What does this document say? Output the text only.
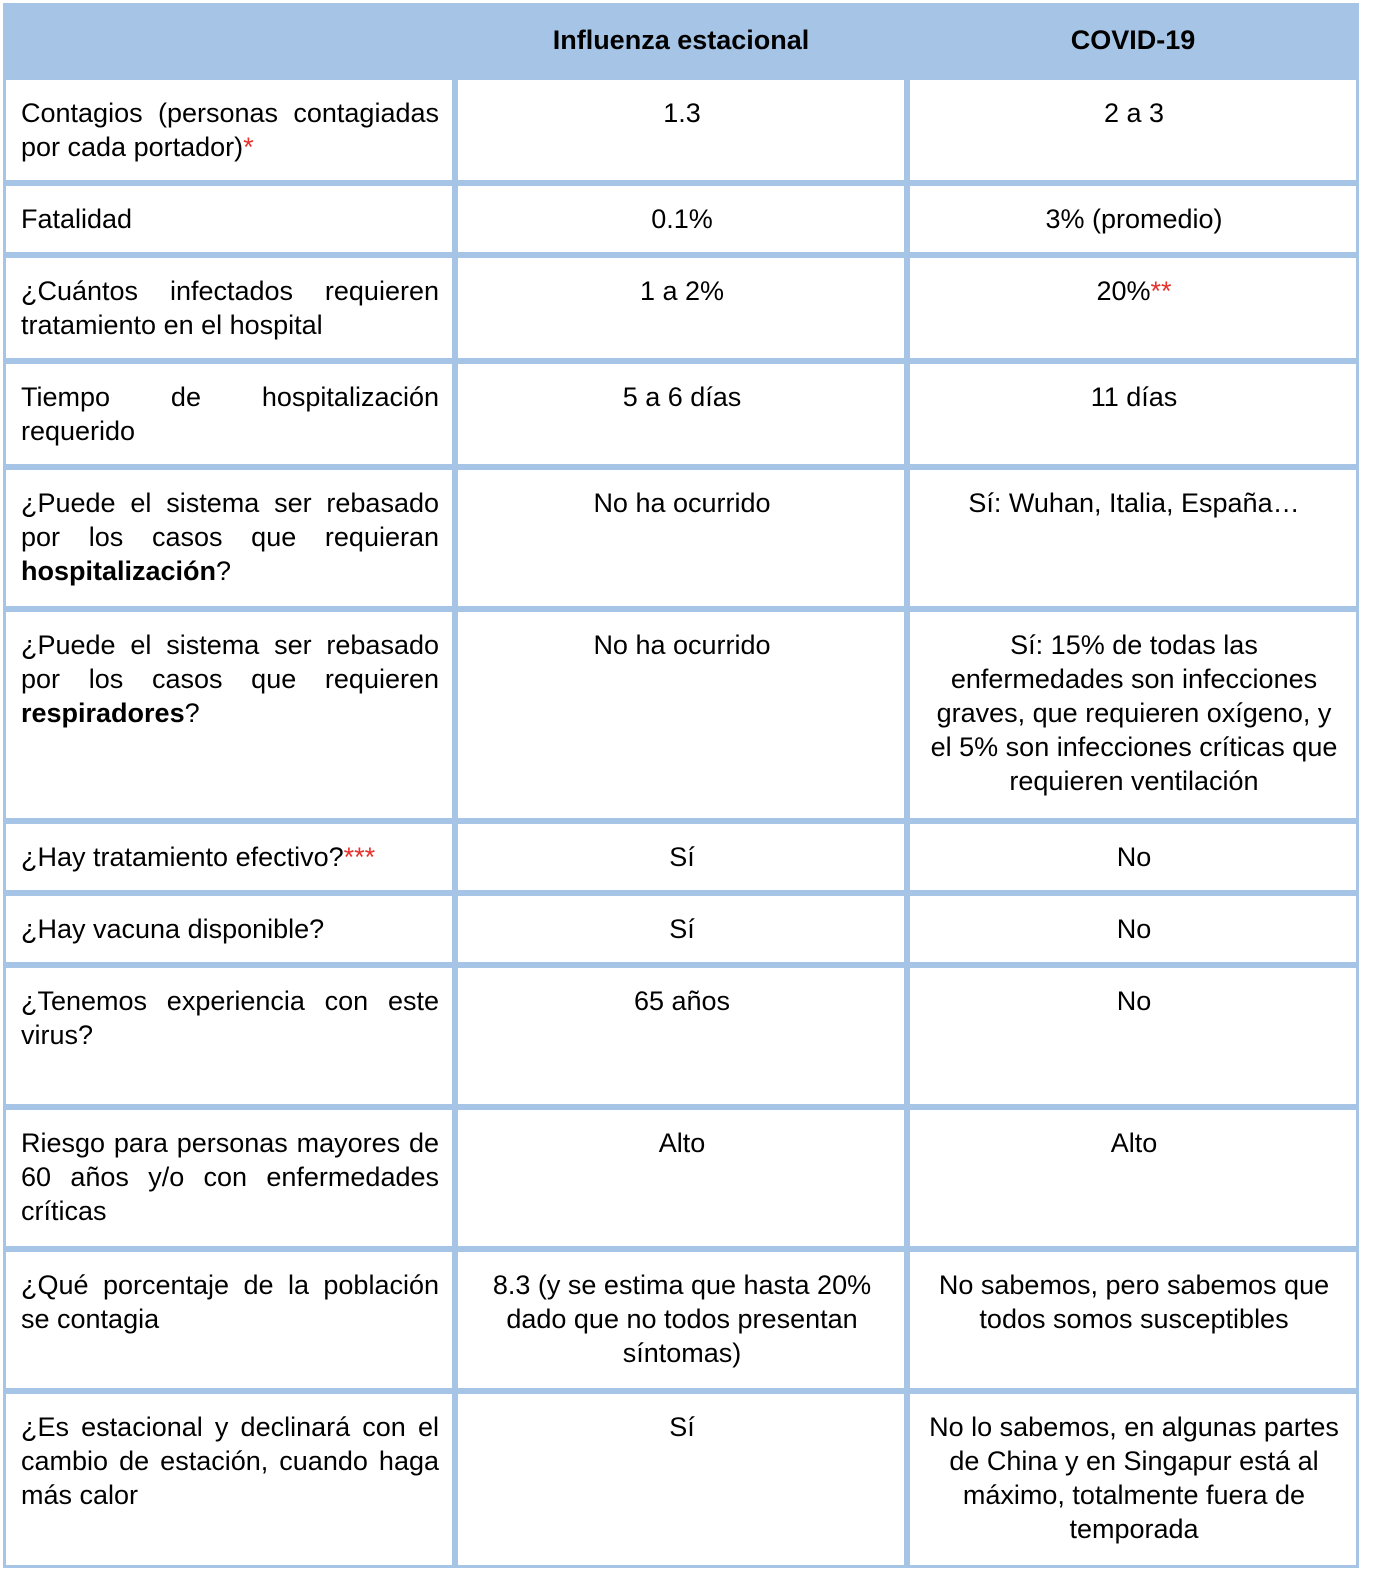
	Influenza estacional	COVID-19
Contagios (personas contagiadas por cada portador)*	1.3	2 a 3
Fatalidad	0.1%	3% (promedio)
¿Cuántos infectados requieren tratamiento en el hospital	1 a 2%	20%**
Tiempo de hospitalización requerido	5 a 6 días	11 días
¿Puede el sistema ser rebasado por los casos que requieran hospitalización?	No ha ocurrido	Sí: Wuhan, Italia, España…
¿Puede el sistema ser rebasado por los casos que requieren respiradores?	No ha ocurrido	Sí: 15% de todas las enfermedades son infecciones graves, que requieren oxígeno, y el 5% son infecciones críticas que requieren ventilación
¿Hay tratamiento efectivo?***	Sí	No
¿Hay vacuna disponible?	Sí	No
¿Tenemos experiencia con este virus?	65 años	No
Riesgo para personas mayores de 60 años y/o con enfermedades críticas	Alto	Alto
¿Qué porcentaje de la población se contagia	8.3 (y se estima que hasta 20% dado que no todos presentan síntomas)	No sabemos, pero sabemos que todos somos susceptibles
¿Es estacional y declinará con el cambio de estación, cuando haga más calor	Sí	No lo sabemos, en algunas partes de China y en Singapur está al máximo, totalmente fuera de temporada
